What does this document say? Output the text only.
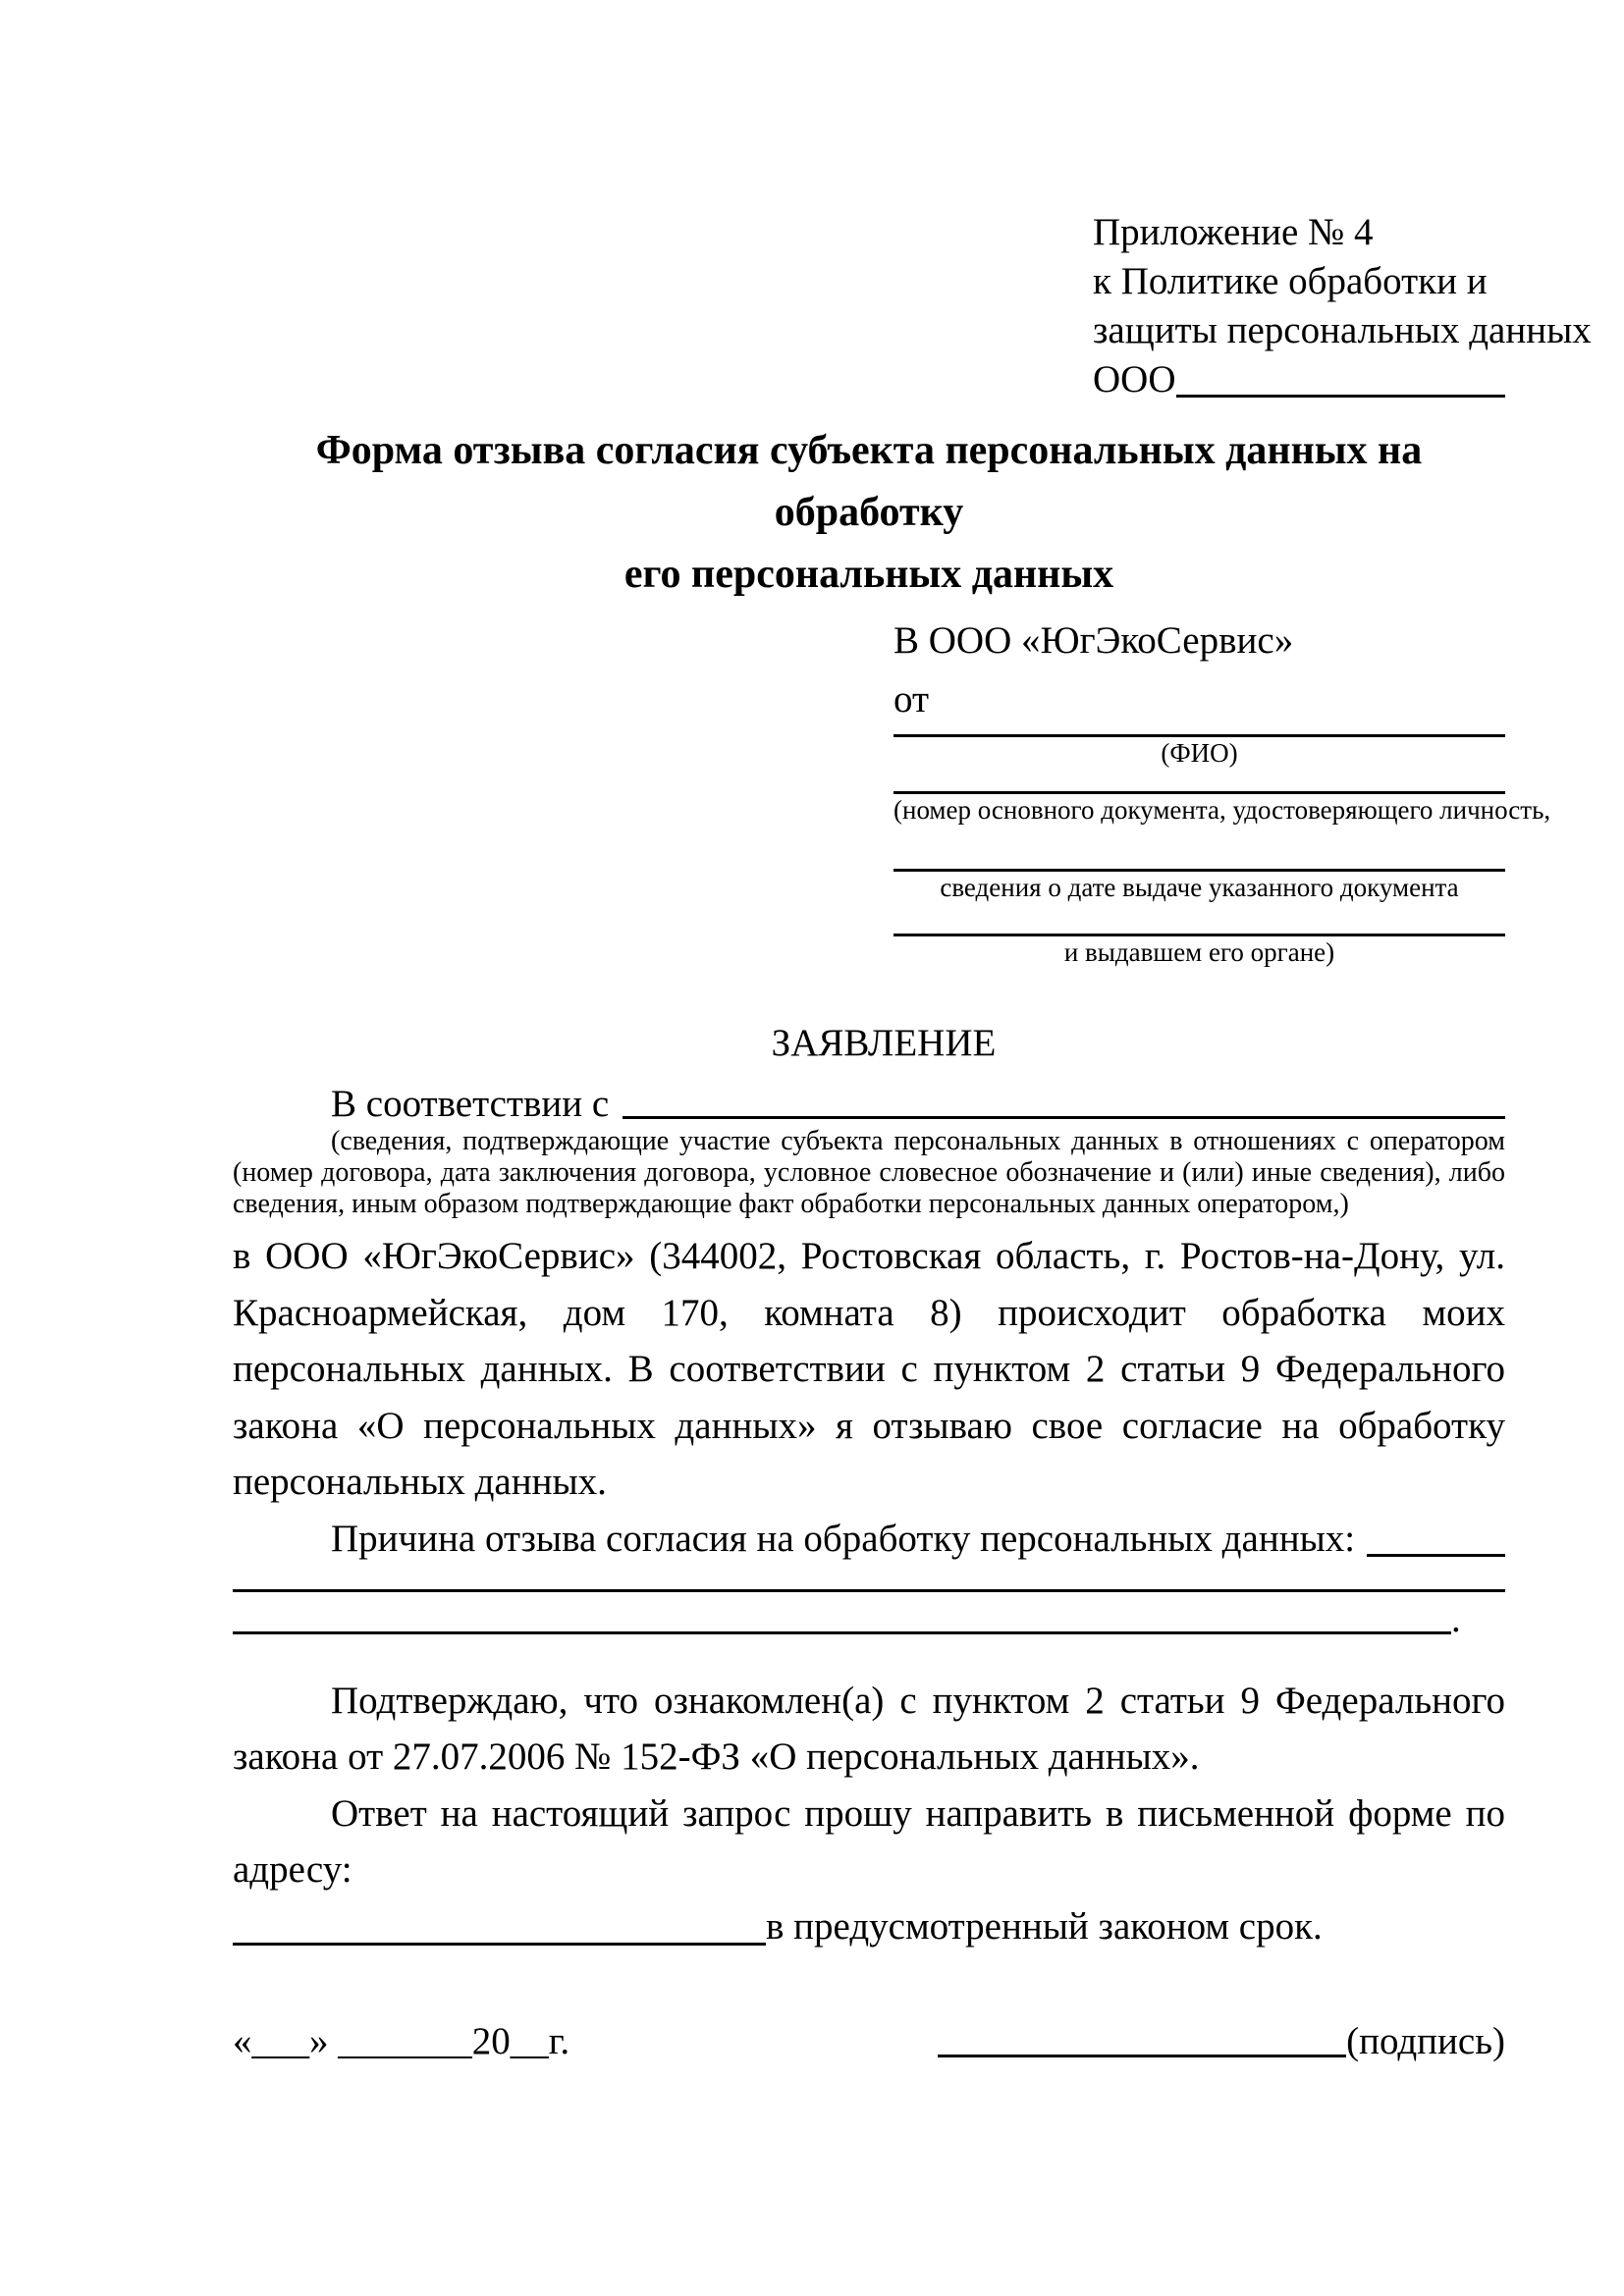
Приложение № 4
к Политике обработки и
защиты персональных данных
ООО
Форма отзыва согласия субъекта персональных данных на обработку
его персональных данных
В ООО «ЮгЭкоСервис»
от
(ФИО)
(номер основного документа, удостоверяющего личность,
сведения о дате выдаче указанного документа
и выдавшем его органе)
ЗАЯВЛЕНИЕ
В соответствии с
(сведения, подтверждающие участие субъекта персональных данных в отношениях с оператором (номер договора, дата заключения договора, условное словесное обозначение и (или) иные сведения), либо сведения, иным образом подтверждающие факт обработки персональных данных оператором,)
в ООО «ЮгЭкоСервис» (344002, Ростовская область, г. Ростов-на-Дону, ул. Красноармейская, дом 170, комната 8) происходит обработка моих персональных данных. В соответствии с пунктом 2 статьи 9 Федерального закона «О персональных данных» я отзываю свое согласие на обработку персональных данных.
Причина отзыва согласия на обработку персональных данных:
.
Подтверждаю, что ознакомлен(а) с пунктом 2 статьи 9 Федерального закона от 27.07.2006 № 152-ФЗ «О персональных данных».
Ответ на настоящий запрос прошу направить в письменной форме по адресу:
в предусмотренный законом срок.
«___» _______20__г.	(подпись)
